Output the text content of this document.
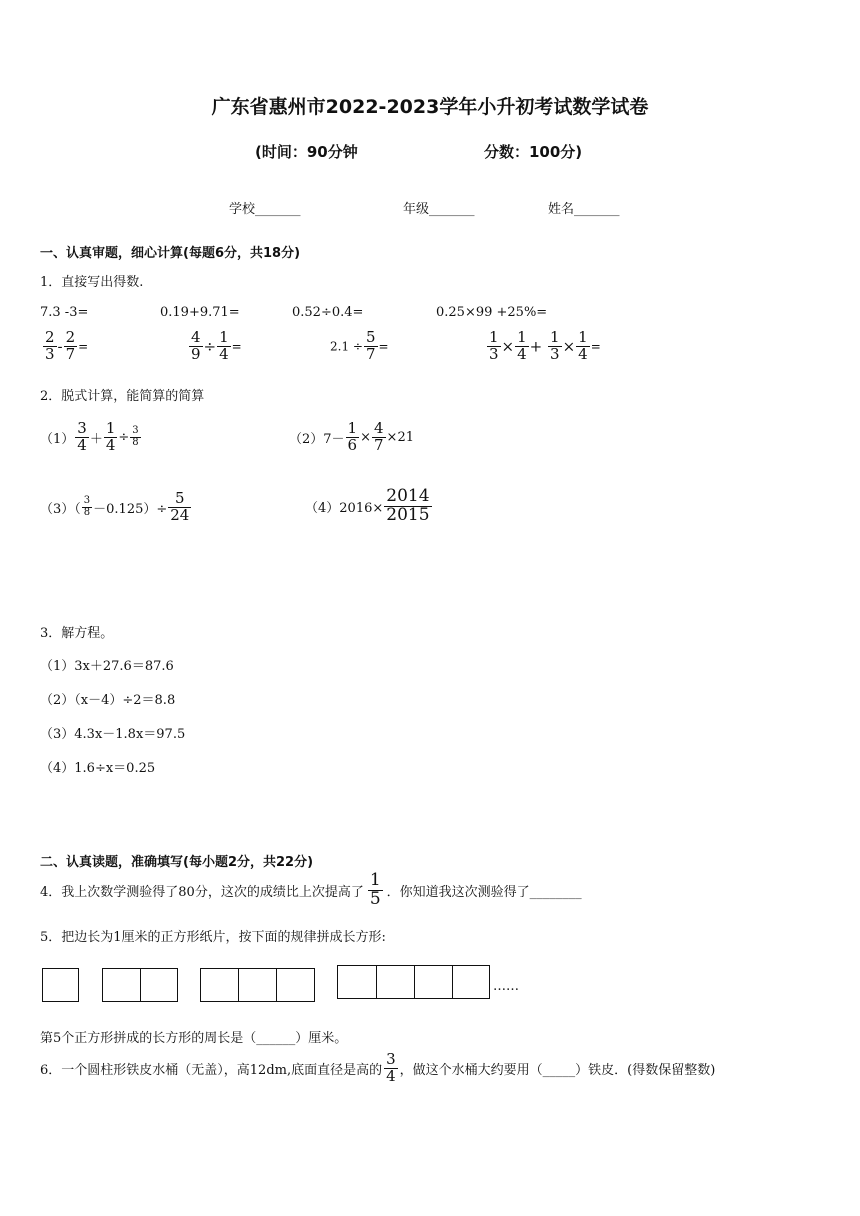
广东省惠州市2022-2023学年小升初考试数学试卷
(时间：90分钟	分数：100分)
学校_______	年级_______	姓名_______
一、认真审题，细心计算(每题6分，共18分)
1．直接写出得数.
7.3 -3=	0.19+9.71=	0.52÷0.4=	0.25×99 +25%=
$\frac{2}{3} - \frac{2}{7}$ =	$\frac{4}{9} \div \frac{1}{4}$ =	$2.1 \div \frac{5}{7}$ =	$\frac{1}{3} \times \frac{1}{4} + \frac{1}{3} \times \frac{1}{4}$ =
2．脱式计算，能简算的简算
$(1) \frac{3}{4} + \frac{1}{4} \div \frac{3}{8}$	$(2)7- \frac{1}{6} \times \frac{4}{7} \times 21$
$(3)( \frac{3}{8} -0.125)\div \frac{5}{24}$	$(4)2016\times \frac{2014}{2015}$
3．解方程。
（1）3x＋27.6＝87.6
（2）（x－4）÷2＝8.8
（3）4.3x－1.8x＝97.5
（4）1.6÷x＝0.25
二、认真读题，准确填写(每小题2分，共22分)
4．我上次数学测验得了80分，这次的成绩比上次提高了 $\frac{1}{5}$ ．你知道我这次测验得了________
5．把边长为1厘米的正方形纸片，按下面的规律拼成长方形:
……
第5个正方形拼成的长方形的周长是（______）厘米。
6．一个圆柱形铁皮水桶（无盖），高12dm,底面直径是高的 $\frac{3}{4}$ ，做这个水桶大约要用（_____）铁皮．(得数保留整数)
